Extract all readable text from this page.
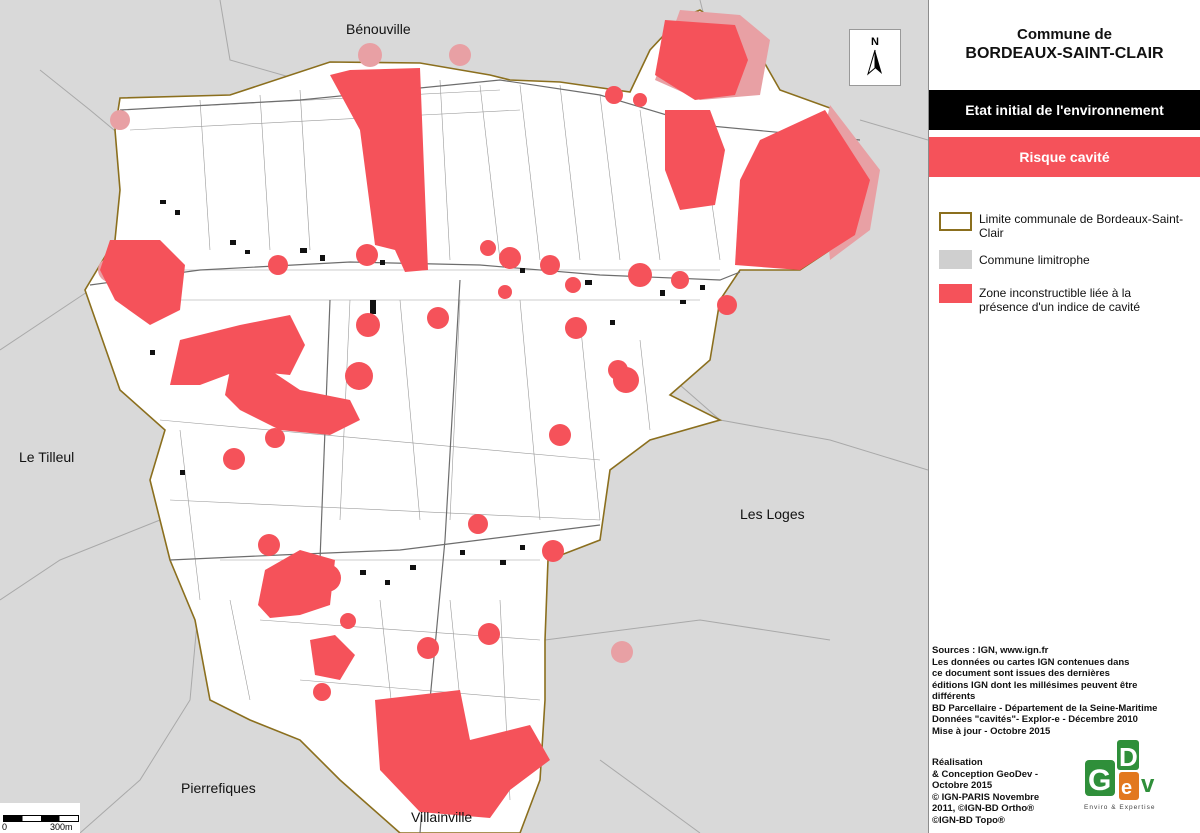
Bénouville
Le Tilleul
Les Loges
Pierrefiques
Villainville
N
0	300m
Commune de
BORDEAUX-SAINT-CLAIR
Etat initial de l'environnement
Risque cavité
Limite communale de Bordeaux-Saint-Clair
Commune limitrophe
Zone inconstructible liée à la présence d'un indice de cavité
Sources : IGN, www.ign.fr
Les données ou cartes IGN contenues dans
ce document sont issues des dernières
éditions IGN dont les millésimes peuvent être
différents
BD Parcellaire - Département de la Seine-Maritime
Données "cavités"- Explor-e - Décembre 2010
Mise à jour - Octobre 2015
Réalisation
& Conception GeoDev -
Octobre 2015
© IGN-PARIS Novembre
2011, ©IGN-BD Ortho®
©IGN-BD Topo®
D
G e v
Enviro & Expertise
